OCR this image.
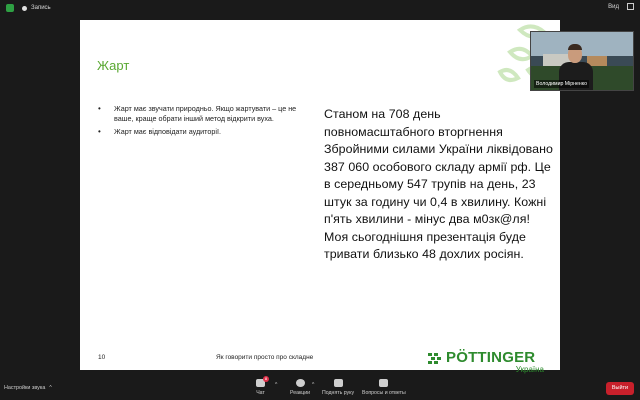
Запись	Вид
Жарт
• Жарт має звучати природньо. Якщо жартувати – це не ваше, краще обрати інший метод відкрити вуха.
• Жарт має відповідати аудиторії.
Станом на 708 день повномасштабного вторгнення Збройними силами України ліквідовано 387 060 особового складу армії рф. Це в середньому 547 трупів на день, 23 штук за годину чи 0,4 в хвилину. Кожні п'ять хвилини - мінус два м0зк@ля! Моя сьогоднішня презентація буде тривати близько 48 дохлих росіян.
10	Як говорити просто про складне	PÖTTINGER
Україна
Володимир Мірненко
Настройки звука ^
8
Чат
^
Реакции
^
Поднять руку Вопросы и ответы
Выйти
